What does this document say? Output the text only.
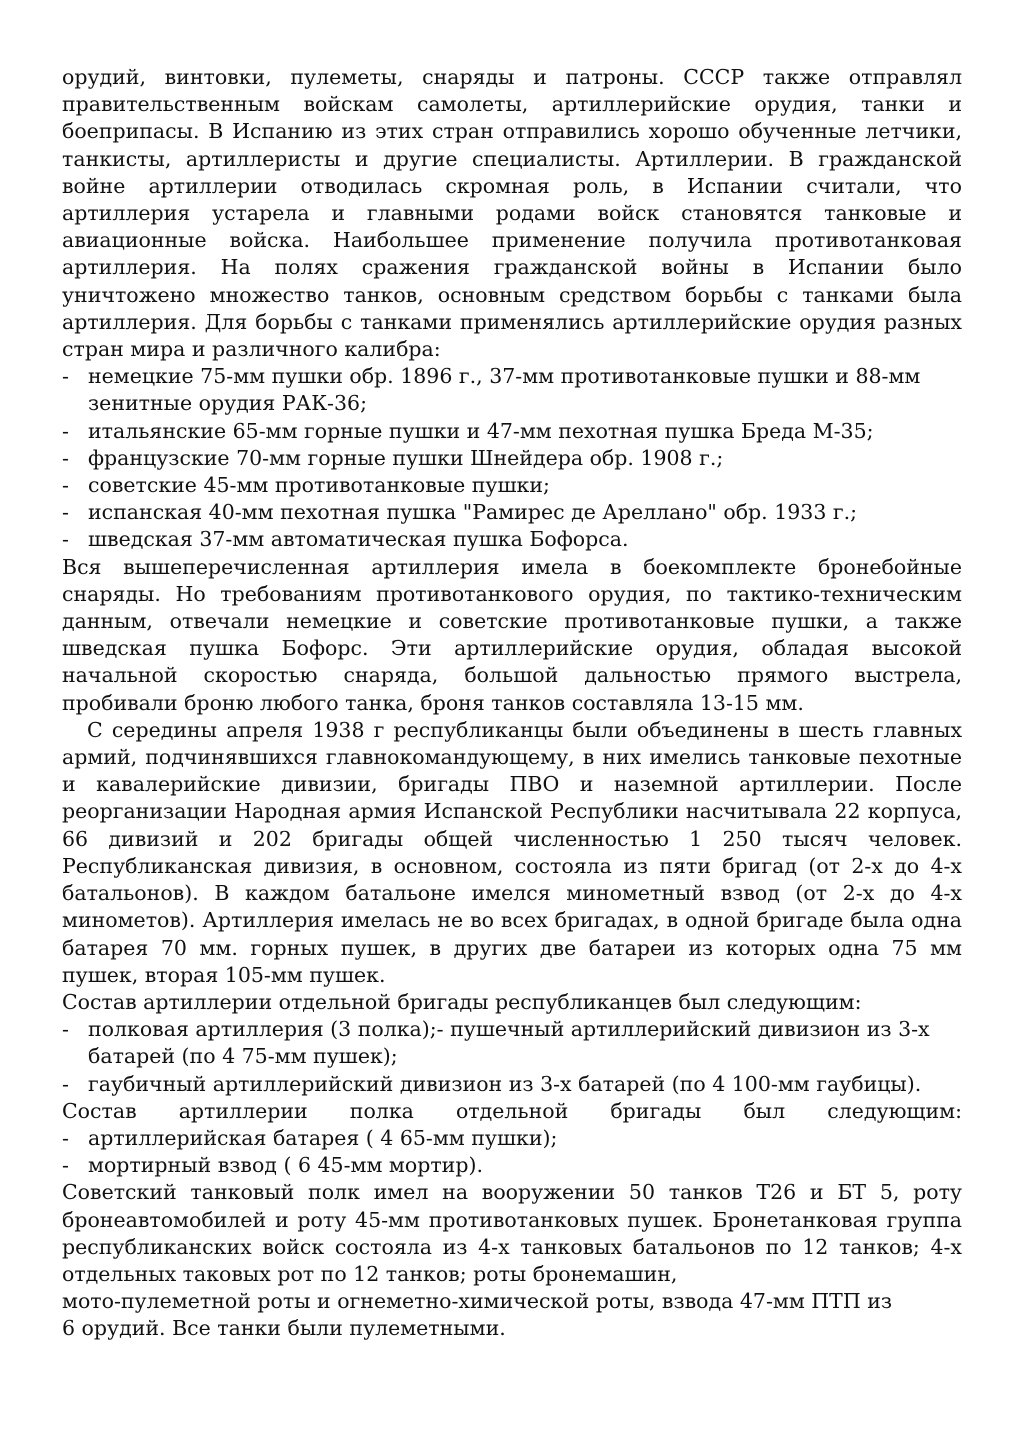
орудий, винтовки, пулеметы, снаряды и патроны. СССР также отправлял правительственным войскам самолеты, артиллерийские орудия, танки и боеприпасы. В Испанию из этих стран отправились хорошо обученные летчики, танкисты, артиллеристы и другие специалисты. Артиллерии. В гражданской войне артиллерии отводилась скромная роль, в Испании считали, что артиллерия устарела и главными родами войск становятся танковые и авиационные войска. Наибольшее применение получила противотанковая артиллерия. На полях сражения гражданской войны в Испании было уничтожено множество танков, основным средством борьбы с танками была артиллерия. Для борьбы с танками применялись артиллерийские орудия разных стран мира и различного калибра:

- немецкие 75-мм пушки обр. 1896 г., 37-мм противотанковые пушки и 88-мм зенитные орудия РАК-36;
- итальянские 65-мм горные пушки и 47-мм пехотная пушка Бреда М-35;
- французские 70-мм горные пушки Шнейдера обр. 1908 г.;
- советские 45-мм противотанковые пушки;
- испанская 40-мм пехотная пушка "Рамирес де Ареллано" обр. 1933 г.;
- шведская 37-мм автоматическая пушка Бофорса.

Вся вышеперечисленная артиллерия имела в боекомплекте бронебойные снаряды. Но требованиям противотанкового орудия, по тактико-техническим данным, отвечали немецкие и советские противотанковые пушки, а также шведская пушка Бофорс. Эти артиллерийские орудия, обладая высокой начальной скоростью снаряда, большой дальностью прямого выстрела, пробивали броню любого танка, броня танков составляла 13-15 мм.

С середины апреля 1938 г республиканцы были объединены в шесть главных армий, подчинявшихся главнокомандующему, в них имелись танковые пехотные и кавалерийские дивизии, бригады ПВО и наземной артиллерии. После реорганизации Народная армия Испанской Республики насчитывала 22 корпуса, 66 дивизий и 202 бригады общей численностью 1 250 тысяч человек. Республиканская дивизия, в основном, состояла из пяти бригад (от 2-х до 4-х батальонов). В каждом батальоне имелся минометный взвод (от 2-х до 4-х минометов). Артиллерия имелась не во всех бригадах, в одной бригаде была одна батарея 70 мм. горных пушек, в других две батареи из которых одна 75 мм пушек, вторая 105-мм пушек.

Состав артиллерии отдельной бригады республиканцев был следующим:

- полковая артиллерия (3 полка);- пушечный артиллерийский дивизион из 3-х батарей (по 4 75-мм пушек);
- гаубичный артиллерийский дивизион из 3-х батарей (по 4 100-мм гаубицы).

Состав артиллерии полка отдельной бригады был следующим:

- артиллерийская батарея ( 4 65-мм пушки);
- мортирный взвод ( 6 45-мм мортир).

Советский танковый полк имел на вооружении 50 танков Т26 и БТ 5, роту бронеавтомобилей и роту 45-мм противотанковых пушек. Бронетанковая группа республиканских войск состояла из 4-х танковых батальонов по 12 танков; 4-х отдельных таковых рот по 12 танков; роты бронемашин,

мото-пулеметной роты и огнеметно-химической роты, взвода 47-мм ПТП из

6 орудий. Все танки были пулеметными.
